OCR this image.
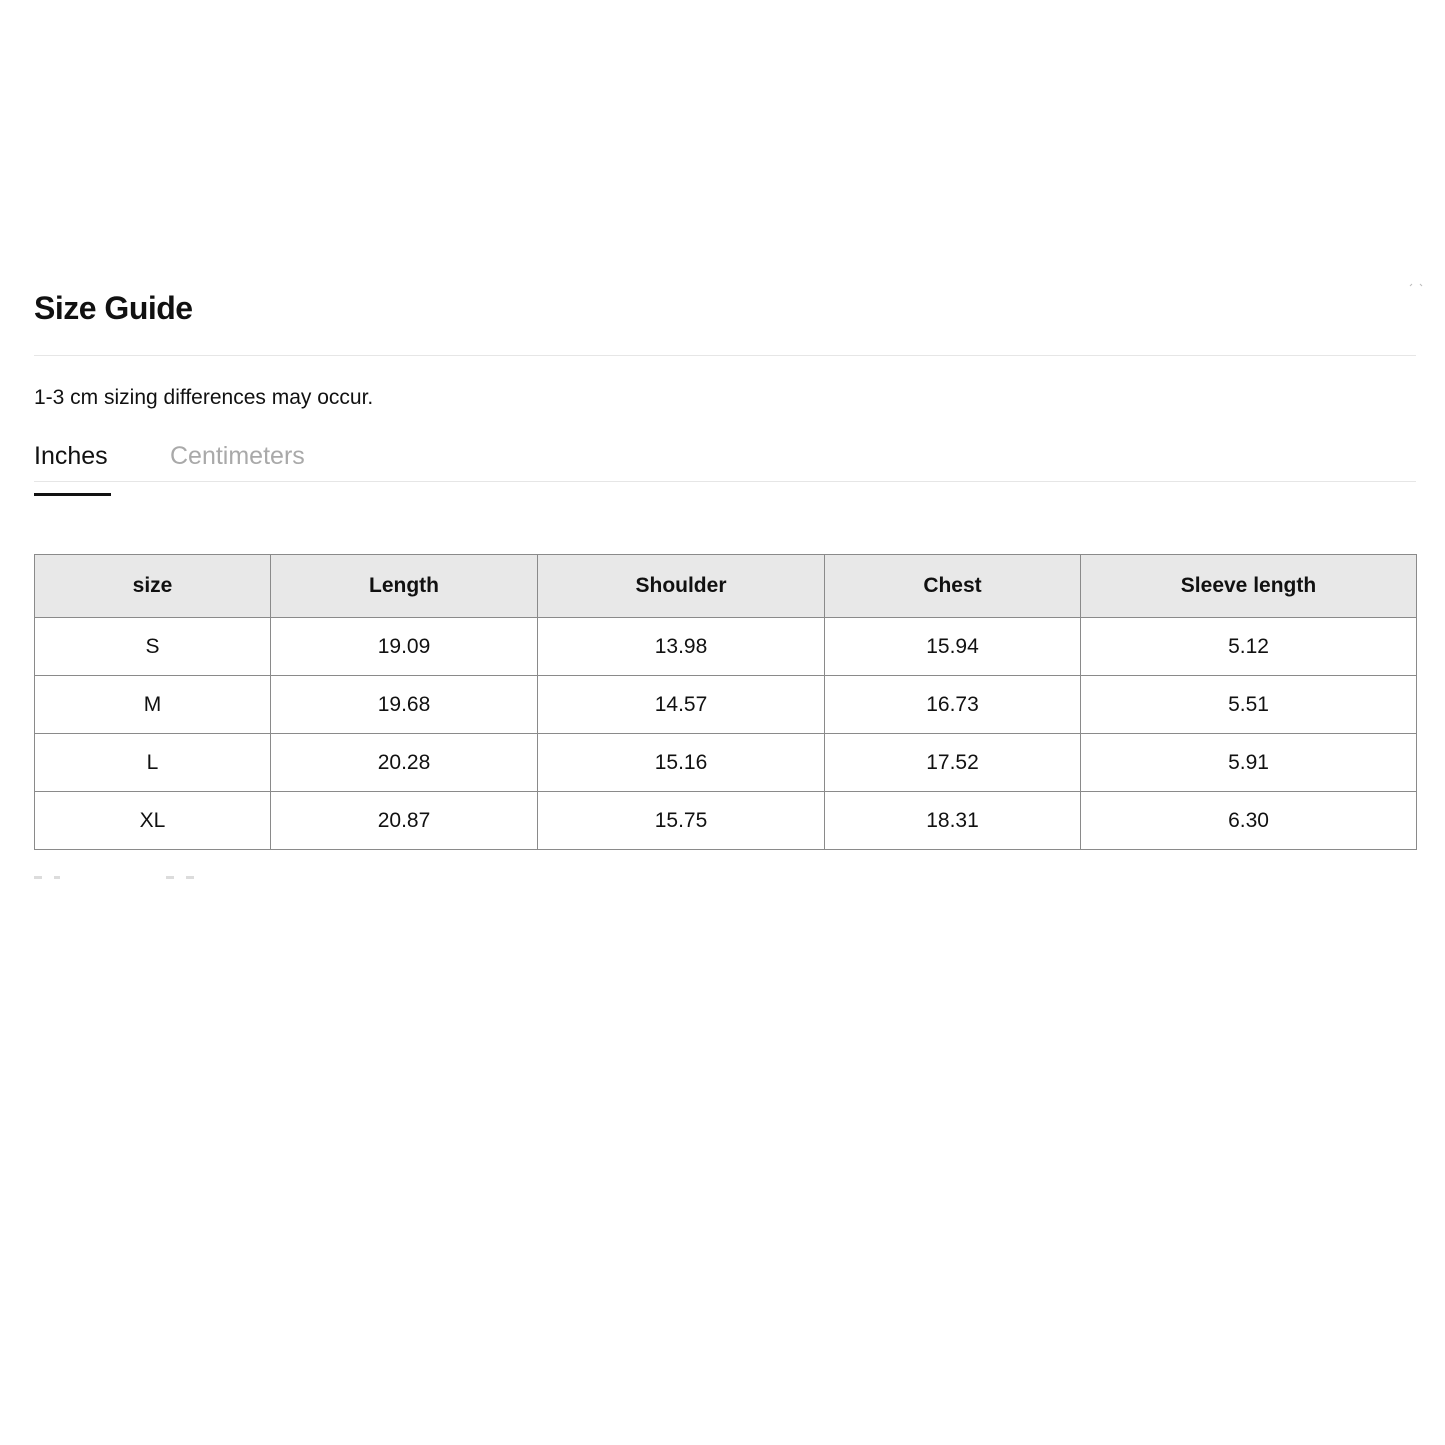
Size Guide

1-3 cm sizing differences may occur.

Inches Centimeters
size	Length	Shoulder	Chest	Sleeve length
S	19.09	13.98	15.94	5.12
M	19.68	14.57	16.73	5.51
L	20.28	15.16	17.52	5.91
XL	20.87	15.75	18.31	6.30
